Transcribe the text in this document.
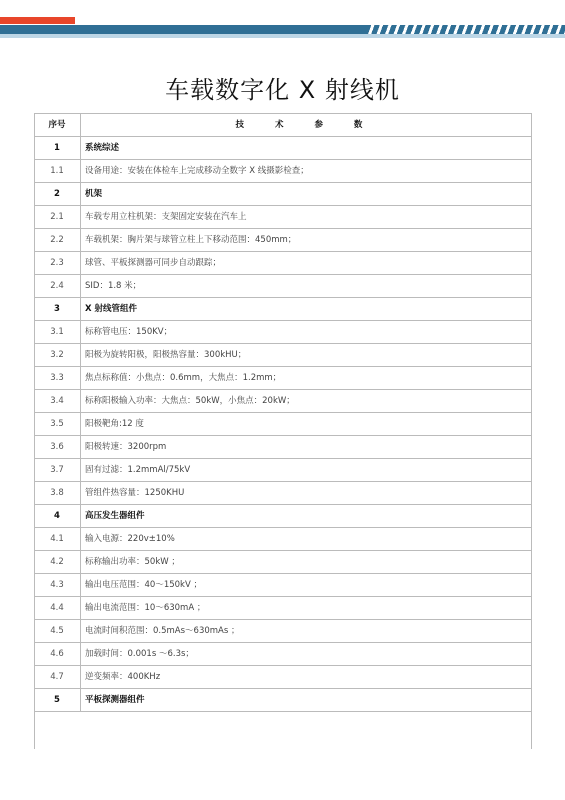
车载数字化 X 射线机
序号	技 术 参 数
1	系统综述
1.1	设备用途：安装在体检车上完成移动全数字 X 线摄影检查；
2	机架
2.1	车载专用立柱机架：支架固定安装在汽车上
2.2	车载机架：胸片架与球管立柱上下移动范围：450mm；
2.3	球管、平板探测器可同步自动跟踪；
2.4	SID：1.8 米；
3	X 射线管组件
3.1	标称管电压：150KV；
3.2	阳极为旋转阳极，阳极热容量：300kHU；
3.3	焦点标称值：小焦点：0.6mm，大焦点：1.2mm；
3.4	标称阳极输入功率：大焦点：50kW，小焦点：20kW；
3.5	阳极靶角:12 度
3.6	阳极转速：3200rpm
3.7	固有过滤：1.2mmAl/75kV
3.8	管组件热容量：1250KHU
4	高压发生器组件
4.1	输入电源：220v±10%
4.2	标称输出功率：50kW ；
4.3	输出电压范围：40～150kV ；
4.4	输出电流范围：10～630mA ；
4.5	电流时间积范围：0.5mAs～630mAs ；
4.6	加载时间：0.001s ～6.3s；
4.7	逆变频率：400KHz
5	平板探测器组件
